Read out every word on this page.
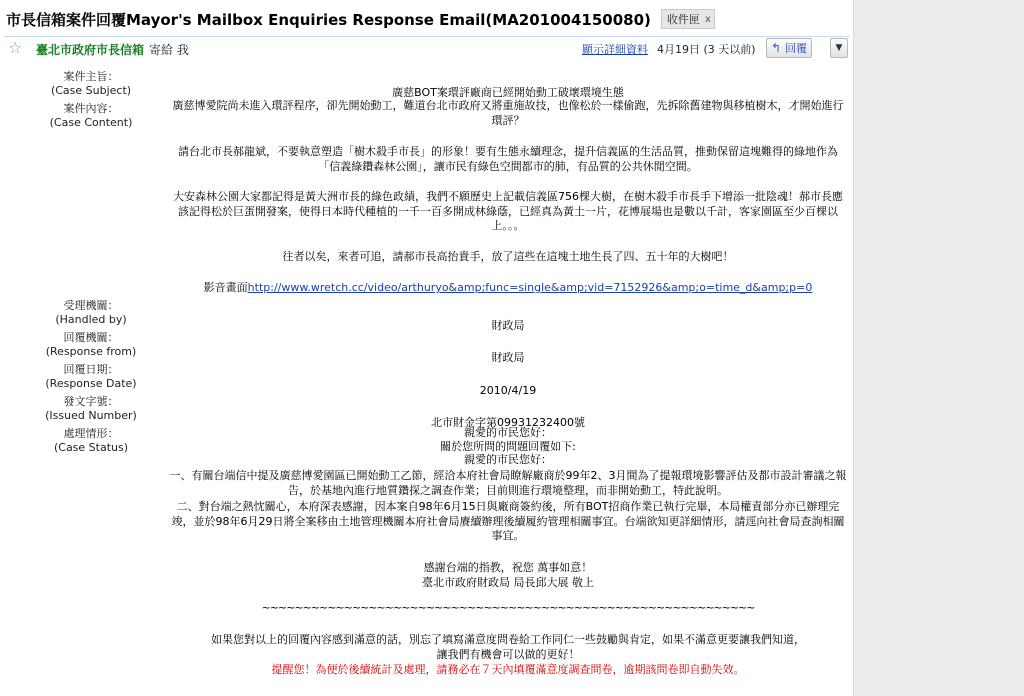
市長信箱案件回覆Mayor's Mailbox Enquiries Response Email(MA201004150080) 收件匣 x
☆ 臺北市政府市長信箱 寄給 我	顯示詳細資料 4月19日 (3 天以前) ↰ 回覆	▼
案件主旨：
(Case Subject)
案件內容：
(Case Content)
受理機關：
(Handled by)
回覆機關：
(Response from)
回覆日期：
(Response Date)
發文字號：
(Issued Number)
處理情形：
(Case Status)
廣慈BOT案環評廠商已經開始動工破壞環境生態
廣慈博愛院尚未進入環評程序，卻先開始動工，難道台北市政府又將重施故技，也像松於一樣偷跑，先拆除舊建物與移植樹木，才開始進行環評？
請台北市長郝龍斌，不要執意塑造「樹木殺手市長」的形象！要有生態永續理念，提升信義區的生活品質，推動保留這塊難得的綠地作為「信義綠鑽森林公園」，讓市民有綠色空間都市的肺，有品質的公共休閒空間。
大安森林公園大家都記得是黃大洲市長的綠色政績，我們不願歷史上記載信義區756棵大樹，在樹木殺手市長手下增添一批陰魂！郝市長應該記得松於巨蛋開發案，使得日本時代種植的一千一百多開成林綠蔭，已經真為黃土一片，花博展場也是數以千計，客家園區至少百棵以上。。。
往者以矣，來者可追，請郝市長高抬貴手，放了這些在這塊土地生長了四、五十年的大樹吧！
影音畫面http://www.wretch.cc/video/arthuryo&amp;func=single&amp;vid=7152926&amp;o=time_d&amp;p=0
財政局
財政局
2010/4/19
北市財金字第09931232400號
親愛的市民您好：
關於您所問的問題回覆如下:
親愛的市民您好：
一、有關台端信中提及廣慈博愛園區已開始動工乙節，經洽本府社會局瞭解廠商於99年2、3月間為了提報環境影響評估及都市設計審議之報告，於基地內進行地質鑽探之調查作業；目前則進行環境整理，而非開始動工，特此說明。
二、對台端之熱忱關心，本府深表感謝，因本案自98年6月15日與廠商簽約後，所有BOT招商作業已執行完畢，本局權責部分亦已辦理完竣，並於98年6月29日將全案移由土地管理機關本府社會局賡續辦理後續履約管理相關事宜。台端欲知更詳細情形，請逕向社會局查詢相關事宜。
感謝台端的指教，祝您 萬事如意！
臺北市政府財政局 局長邱大展 敬上
~~~~~~~~~~~~~~~~~~~~~~~~~~~~~~~~~~~~~~~~~~~~~~~~~~~~~~~~~~~~
如果您對以上的回覆內容感到滿意的話，別忘了填寫滿意度問卷給工作同仁一些鼓勵與肯定，如果不滿意更要讓我們知道，
讓我們有機會可以做的更好！
提醒您！為便於後續統計及處理，請務必在７天內填覆滿意度調查問卷，逾期該問卷即自動失效。
